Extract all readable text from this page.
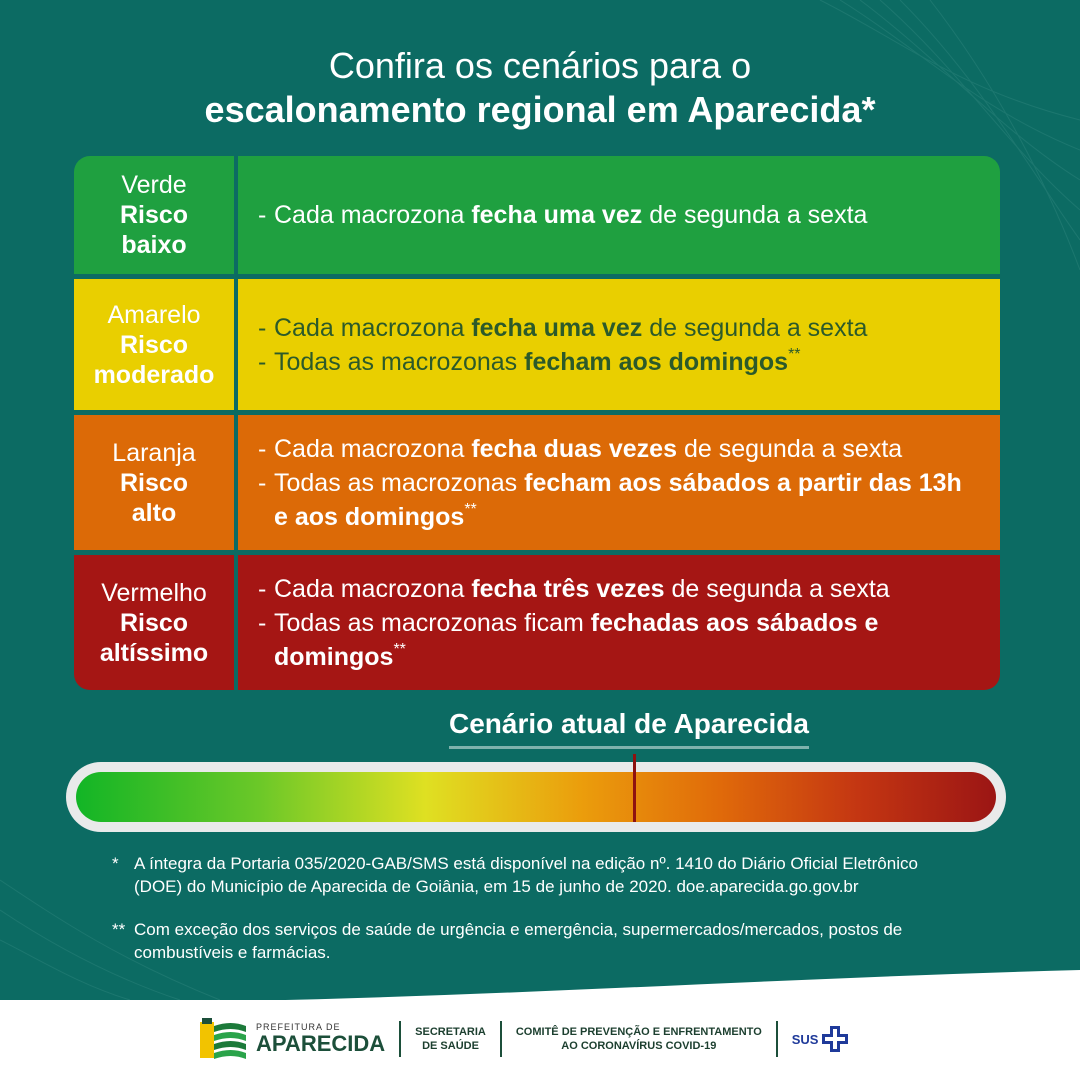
Confira os cenários para o
escalonamento regional em Aparecida*
Verde
Risco
baixo
- Cada macrozona fecha uma vez de segunda a sexta
Amarelo
Risco
moderado
- Cada macrozona fecha uma vez de segunda a sexta
- Todas as macrozonas fecham aos domingos**
Laranja
Risco
alto
- Cada macrozona fecha duas vezes de segunda a sexta
- Todas as macrozonas fecham aos sábados a partir das 13h e aos domingos**
Vermelho
Risco
altíssimo
- Cada macrozona fecha três vezes de segunda a sexta
- Todas as macrozonas ficam fechadas aos sábados e domingos**
Cenário atual de Aparecida
* A íntegra da Portaria 035/2020-GAB/SMS está disponível na edição nº. 1410 do Diário Oficial Eletrônico (DOE) do Município de Aparecida de Goiânia, em 15 de junho de 2020. doe.aparecida.go.gov.br
** Com exceção dos serviços de saúde de urgência e emergência, supermercados/mercados, postos de combustíveis e farmácias.
PREFEITURA DE
APARECIDA	SECRETARIA
DE SAÚDE
COMITÊ DE PREVENÇÃO E ENFRENTAMENTO
AO CORONAVÍRUS COVID-19	SUS
